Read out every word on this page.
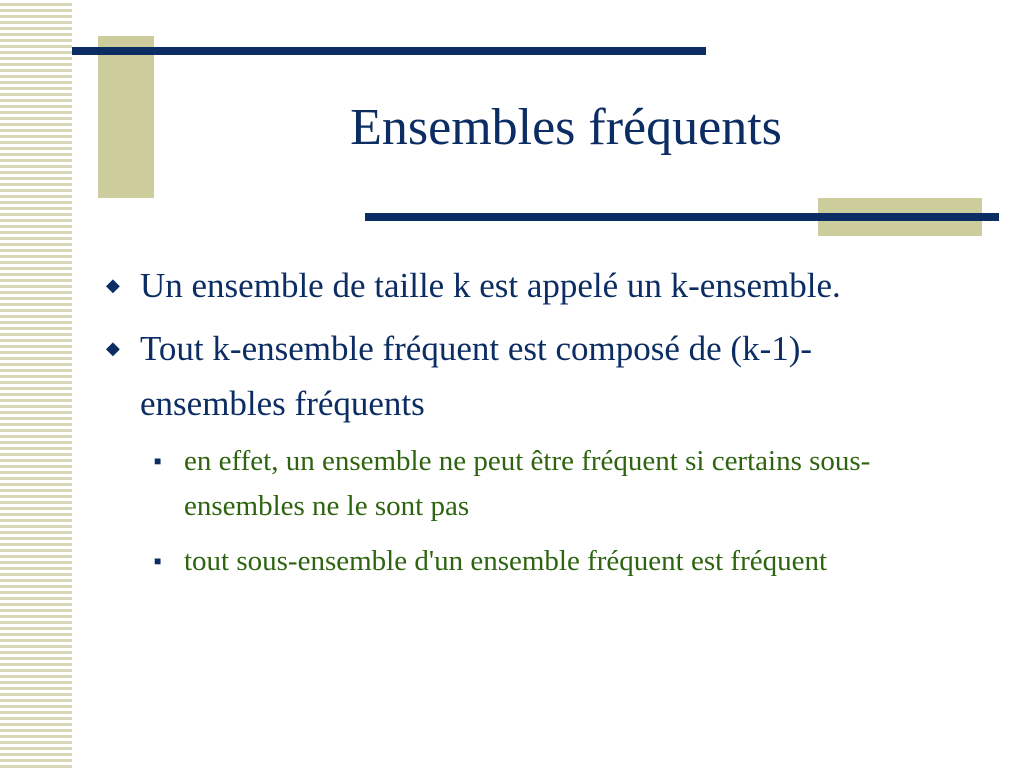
Ensembles fréquents
◆ Un ensemble de taille k est appelé un k-ensemble.
◆ Tout k-ensemble fréquent est composé de (k-1)-ensembles fréquents
■ en effet, un ensemble ne peut être fréquent si certains sous-ensembles ne le sont pas
■ tout sous-ensemble d'un ensemble fréquent est fréquent
